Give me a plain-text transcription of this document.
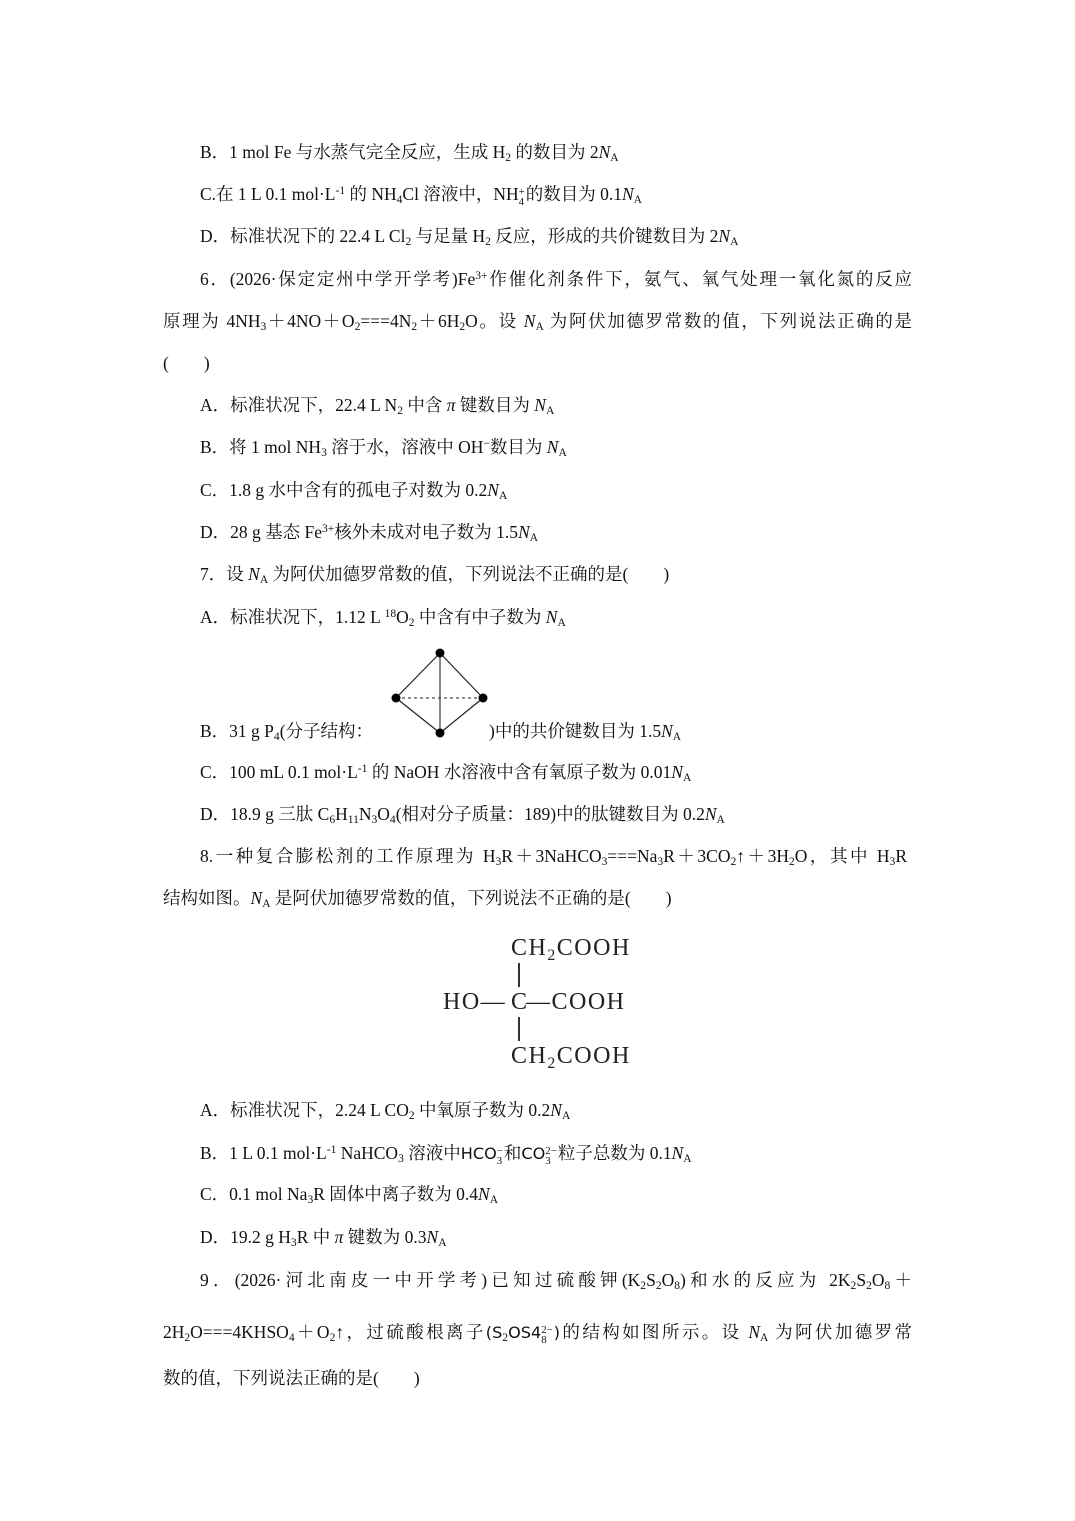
B．1 mol Fe 与水蒸气完全反应，生成 $H_2$ 的数目为 $2N_A$
C.在 1 L 0.1 $mol\cdot L^{-1}$ 的 $NH_4Cl$ 溶液中，NH +
4 的数目为 $0.1N_A$
D．标准状况下的 22.4 L $Cl_2$ 与足量 $H_2$ 反应，形成的共价键数目为 $2N_A$
6．(2026·保定定州中学开学考)$Fe^{3+}$作催化剂条件下，氨气、氧气处理一氧化氮的反应
原理为 $4NH_3+4NO+O_2===4N_2+6H_2O$。设 $N_A$ 为阿伏加德罗常数的值，下列说法正确的是
(　　)
A．标准状况下，22.4 L $N_2$ 中含 π 键数目为 $N_A$
B．将 1 mol $NH_3$ 溶于水，溶液中 OH−数目为 $N_A$
C．1.8 g 水中含有的孤电子对数为 $0.2N_A$
D．28 g 基态 $Fe^{3+}$核外未成对电子数为 $1.5N_A$
7．设 $N_A$ 为阿伏加德罗常数的值，下列说法不正确的是(　　)
A．标准状况下，1.12 L $^{18}O_2$ 中含有中子数为 $N_A$
B．31 g $P_4$(分子结构：	)中的共价键数目为 $1.5N_A$
C．100 mL 0.1 $mol\cdot L^{-1}$ 的 NaOH 水溶液中含有氧原子数为 $0.01N_A$
D．18.9 g 三肽 $C_6H_{11}N_3O_4$(相对分子质量：189)中的肽键数目为 $0.2N_A$
8.一种复合膨松剂的工作原理为 $H_3R+3NaHCO_3===Na_3R+3CO_2↑+3H_2O$，其中 $H_3R$
结构如图。$N_A$ 是阿伏加德罗常数的值，下列说法不正确的是(　　)
$CH_2COOH$
HO— C
—COOH
$CH_2COOH$
A．标准状况下，2.24 L $CO_2$ 中氧原子数为 $0.2N_A$
B．1 L 0.1 $mol\cdot L^{-1}$ NaHCO$_3$ 溶液中HCO −
3 和CO 2−
3 粒子总数为 $0.1N_A$
C．0.1 mol $Na_3R$ 固体中离子数为 $0.4N_A$
D．19.2 g $H_3R$ 中 π 键数为 $0.3N_A$
9．(2026·河北南皮一中开学考)已知过硫酸钾$(K_2S_2O_8)$和水的反应为 $2K_2S_2O_8+$
$2H_2O===4KHSO_4+O_2↑$，过硫酸根离子($S_2OS4$ 2−
8 )的结构如图所示。设 $N_A$ 为阿伏加德罗常
数的值，下列说法正确的是(　　)
